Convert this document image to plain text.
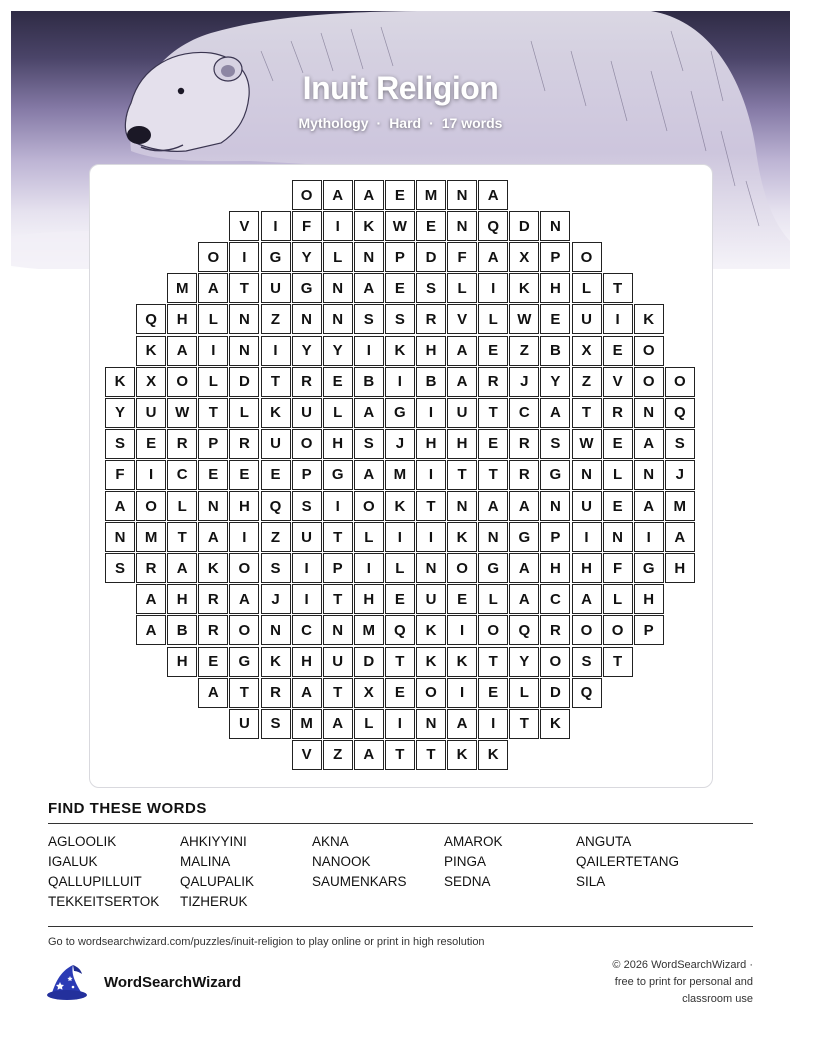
Inuit Religion
Mythology · Hard · 17 words
O	A	A	E	M	N	A
V	I	F	I	K	W	E	N	Q	D	N
O	I	G	Y	L	N	P	D	F	A	X	P	O
M	A	T	U	G	N	A	E	S	L	I	K	H	L	T
Q	H	L	N	Z	N	N	S	S	R	V	L	W	E	U	I	K
K	A	I	N	I	Y	Y	I	K	H	A	E	Z	B	X	E	O
K	X	O	L	D	T	R	E	B	I	B	A	R	J	Y	Z	V	O	O
Y	U	W	T	L	K	U	L	A	G	I	U	T	C	A	T	R	N	Q
S	E	R	P	R	U	O	H	S	J	H	H	E	R	S	W	E	A	S
F	I	C	E	E	E	P	G	A	M	I	T	T	R	G	N	L	N	J
A	O	L	N	H	Q	S	I	O	K	T	N	A	A	N	U	E	A	M
N	M	T	A	I	Z	U	T	L	I	I	K	N	G	P	I	N	I	A
S	R	A	K	O	S	I	P	I	L	N	O	G	A	H	H	F	G	H
A	H	R	A	J	I	T	H	E	U	E	L	A	C	A	L	H
A	B	R	O	N	C	N	M	Q	K	I	O	Q	R	O	O	P
H	E	G	K	H	U	D	T	K	K	T	Y	O	S	T
A	T	R	A	T	X	E	O	I	E	L	D	Q
U	S	M	A	L	I	N	A	I	T	K
V	Z	A	T	T	K	K
FIND THESE WORDS
AGLOOLIK	AHKIYYINI	AKNA	AMAROK	ANGUTA
IGALUK	MALINA	NANOOK	PINGA	QAILERTETANG
QALLUPILLUIT	QALUPALIK	SAUMENKARS	SEDNA	SILA
TEKKEITSERTOK	TIZHERUK
Go to wordsearchwizard.com/puzzles/inuit-religion to play online or print in high resolution
WordSearchWizard
© 2026 WordSearchWizard ·
free to print for personal and
classroom use
